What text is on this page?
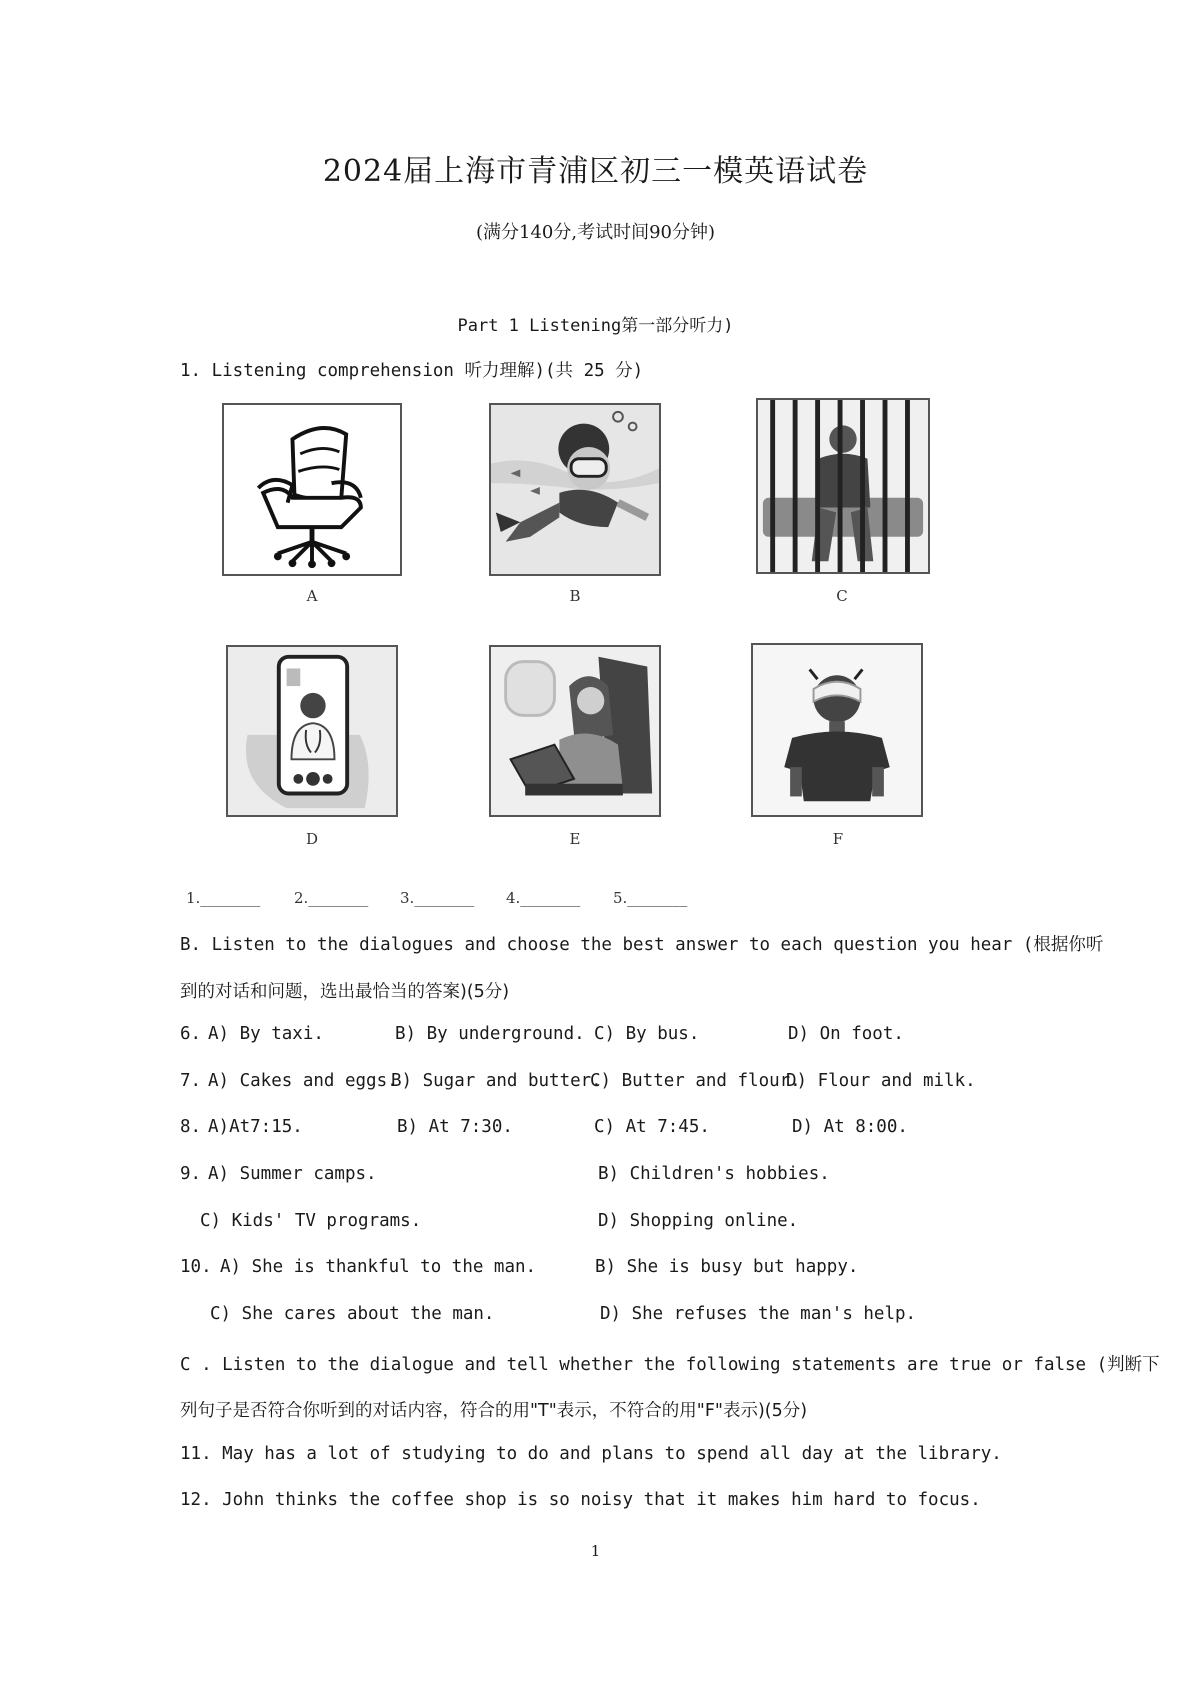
2024届上海市青浦区初三一模英语试卷
(满分140分,考试时间90分钟)
Part 1 Listening第一部分听力)
1. Listening comprehension 听力理解)(共 25 分)
A	B	C
D	E	F
1.________ 2.________ 3.________ 4.________ 5.________
B. Listen to the dialogues and choose the best answer to each question you hear (根据你听
到的对话和问题，选出最恰当的答案)(5分)
6. A) By taxi.	B) By underground. C) By bus.	D) On foot.
7. A) Cakes and eggs.
B) Sugar and butter.
C) Butter and flour.
D) Flour and milk.
8. A)At7:15.	B) At 7:30.	C) At 7:45.	D) At 8:00.
9. A) Summer camps.	B) Children's hobbies.
C) Kids' TV programs.	D) Shopping online.
10. A) She is thankful to the man.	B) She is busy but happy.
C) She cares about the man.	D) She refuses the man's help.
C . Listen to the dialogue and tell whether the following statements are true or false (判断下
列句子是否符合你听到的对话内容，符合的用"T"表示，不符合的用"F"表示)(5分)
11. May has a lot of studying to do and plans to spend all day at the library.
12. John thinks the coffee shop is so noisy that it makes him hard to focus.
1
